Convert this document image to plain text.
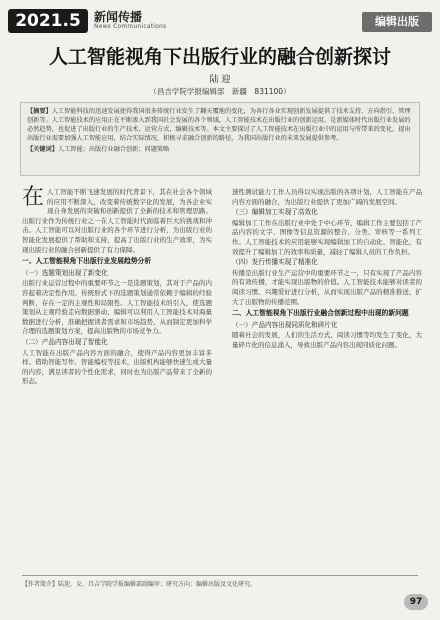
2021.5	新闻传播
News Communications	编辑出版
人工智能视角下出版行业的融合创新探讨
陆 迎
（昌吉学院学报编辑部　新疆　831100）
【摘要】人工智能科技的迅速发展使得我国很多传统行业发生了翻天覆地的变化，为各行各业实现创新发展提供了技术支持、方向指引、管理创新等。人工智能技术的应用正在不断渗入到我国社会发展的各个领域。人工智能技术在出版行业的创新运用，是新媒体时代出版行业发展的必然趋势，也促进了出版行业的生产技术、运营方式、编辑技术等。本文主要探讨了人工智能技术在出版行业中的运用与所带来的变化，提出出版行业需要加强人工智能应用，结合实际情况，积极寻求融合创新的路径，为我国出版行业的未来发展提供参考。
【关键词】人工智能；出版行业融合创新；问题策略

在人工智能不断飞速发展的时代背景下，其在社会各个领域的应用不断深入，改变着传统数字化的发展，为各企业实现自身发展的突破和创新提供了全新的技术和管理思路。出版行业作为传统行业之一在人工智能时代面临着巨大的挑战和冲击。人工智能可以对出版行业的各个环节进行分析，为出版行业的智能化发展提供了帮助和支持，提高了出版行业的生产效率，为实现出版行业的融合创新提供了有力保障。

一、人工智能视角下出版行业发展趋势分析
（一）选题策划出现了新变化

出版行业运营过程中的重要环节之一是选题策划，其对于产品的内容起着决定性作用。传统形式下的选题策划通常依赖于编辑的经验判断，存在一定的主观性和局限性。人工智能技术的引入，使选题策划从主观经验走向数据驱动，编辑可以利用人工智能技术对海量数据进行分析，准确把握读者需求和市场趋势，从而制定更加科学合理的选题策划方案，提高出版物的市场竞争力。

（二）产品内容出现了智能化

人工智能在出版产品内容方面的融合，使得产品内容更加丰富多样。借助智能写作、智能编校等技术，出版机构能够快速生成大量的内容，满足读者的个性化需求，同时也为出版产品带来了全新的形态。

速性测试能力工作人员得以实现出版的各项计划，人工智能在产品内容方面的融合，为出版行业提供了更加广阔的发展空间。

（三）编辑加工实现了高效化

编辑加工工作在出版行业中处于中心环节，编辑工作主要包括了产品内容的文字、图像等信息资源的整合、分类、审核等一系列工作。人工智能技术的应用能够实现编辑加工的自动化、智能化，有效提升了编辑加工的效率和质量，减轻了编辑人员的工作负担。

（四）发行传播实现了精准化

传播是出版行业生产运营中的重要环节之一，只有实现了产品内容的有效传播，才能实现出版物的价值。人工智能技术能够对读者的阅读习惯、兴趣爱好进行分析，从而实现出版产品的精准推送，扩大了出版物的传播范围。

二、人工智能视角下出版行业融合创新过程中出现的新问题
（一）产品内容出现同质化和碎片化

随着社会的发展，人们的生活方式、阅读习惯等均发生了变化，大量碎片化的信息涌入，导致出版产品内容出现同质化问题。

【作者简介】陆迎，女，昌吉学院学报编辑部副编审；研究方向：编辑出版及文化研究。
97
